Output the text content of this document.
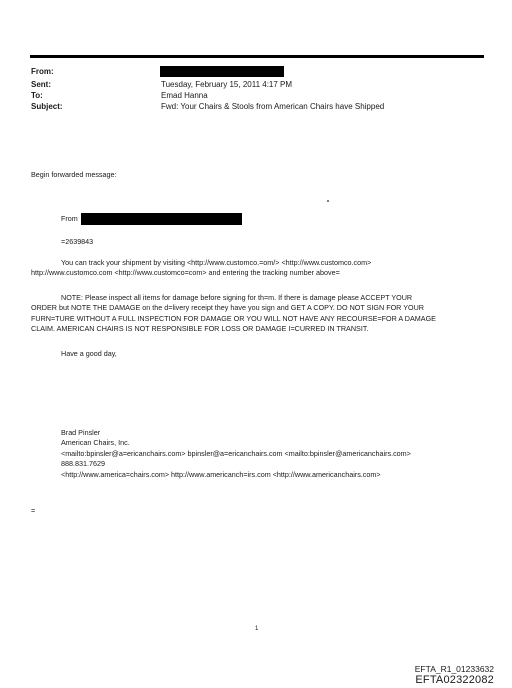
From:
Sent:	Tuesday, February 15, 2011 4:17 PM
To:	Emad Hanna
Subject:	Fwd: Your Chairs & Stools from American Chairs have Shipped
Begin forwarded message:
From
=2639843
You can track your shipment by visiting <http://www.customco.=om/> <http://www.customco.com>
http://www.customco.com <http://www.customco=com> and entering the tracking number above=
NOTE: Please inspect all items for damage before signing for th=m. If there is damage please ACCEPT YOUR
ORDER but NOTE THE DAMAGE on the d=livery receipt they have you sign and GET A COPY. DO NOT SIGN FOR YOUR
FURN=TURE WITHOUT A FULL INSPECTION FOR DAMAGE OR YOU WILL NOT HAVE ANY RECOURSE=FOR A DAMAGE
CLAIM. AMERICAN CHAIRS IS NOT RESPONSIBLE FOR LOSS OR DAMAGE I=CURRED IN TRANSIT.
Have a good day,
Brad Pinsler
American Chairs, Inc.
<mailto:bpinsler@a=ericanchairs.com> bpinsler@a=ericanchairs.com <mailto:bpinsler@americanchairs.com>
888.831.7629
<http://www.america=chairs.com> http://www.americanch=irs.com <http://www.americanchairs.com>
=
1
EFTA_R1_01233632
EFTA02322082
